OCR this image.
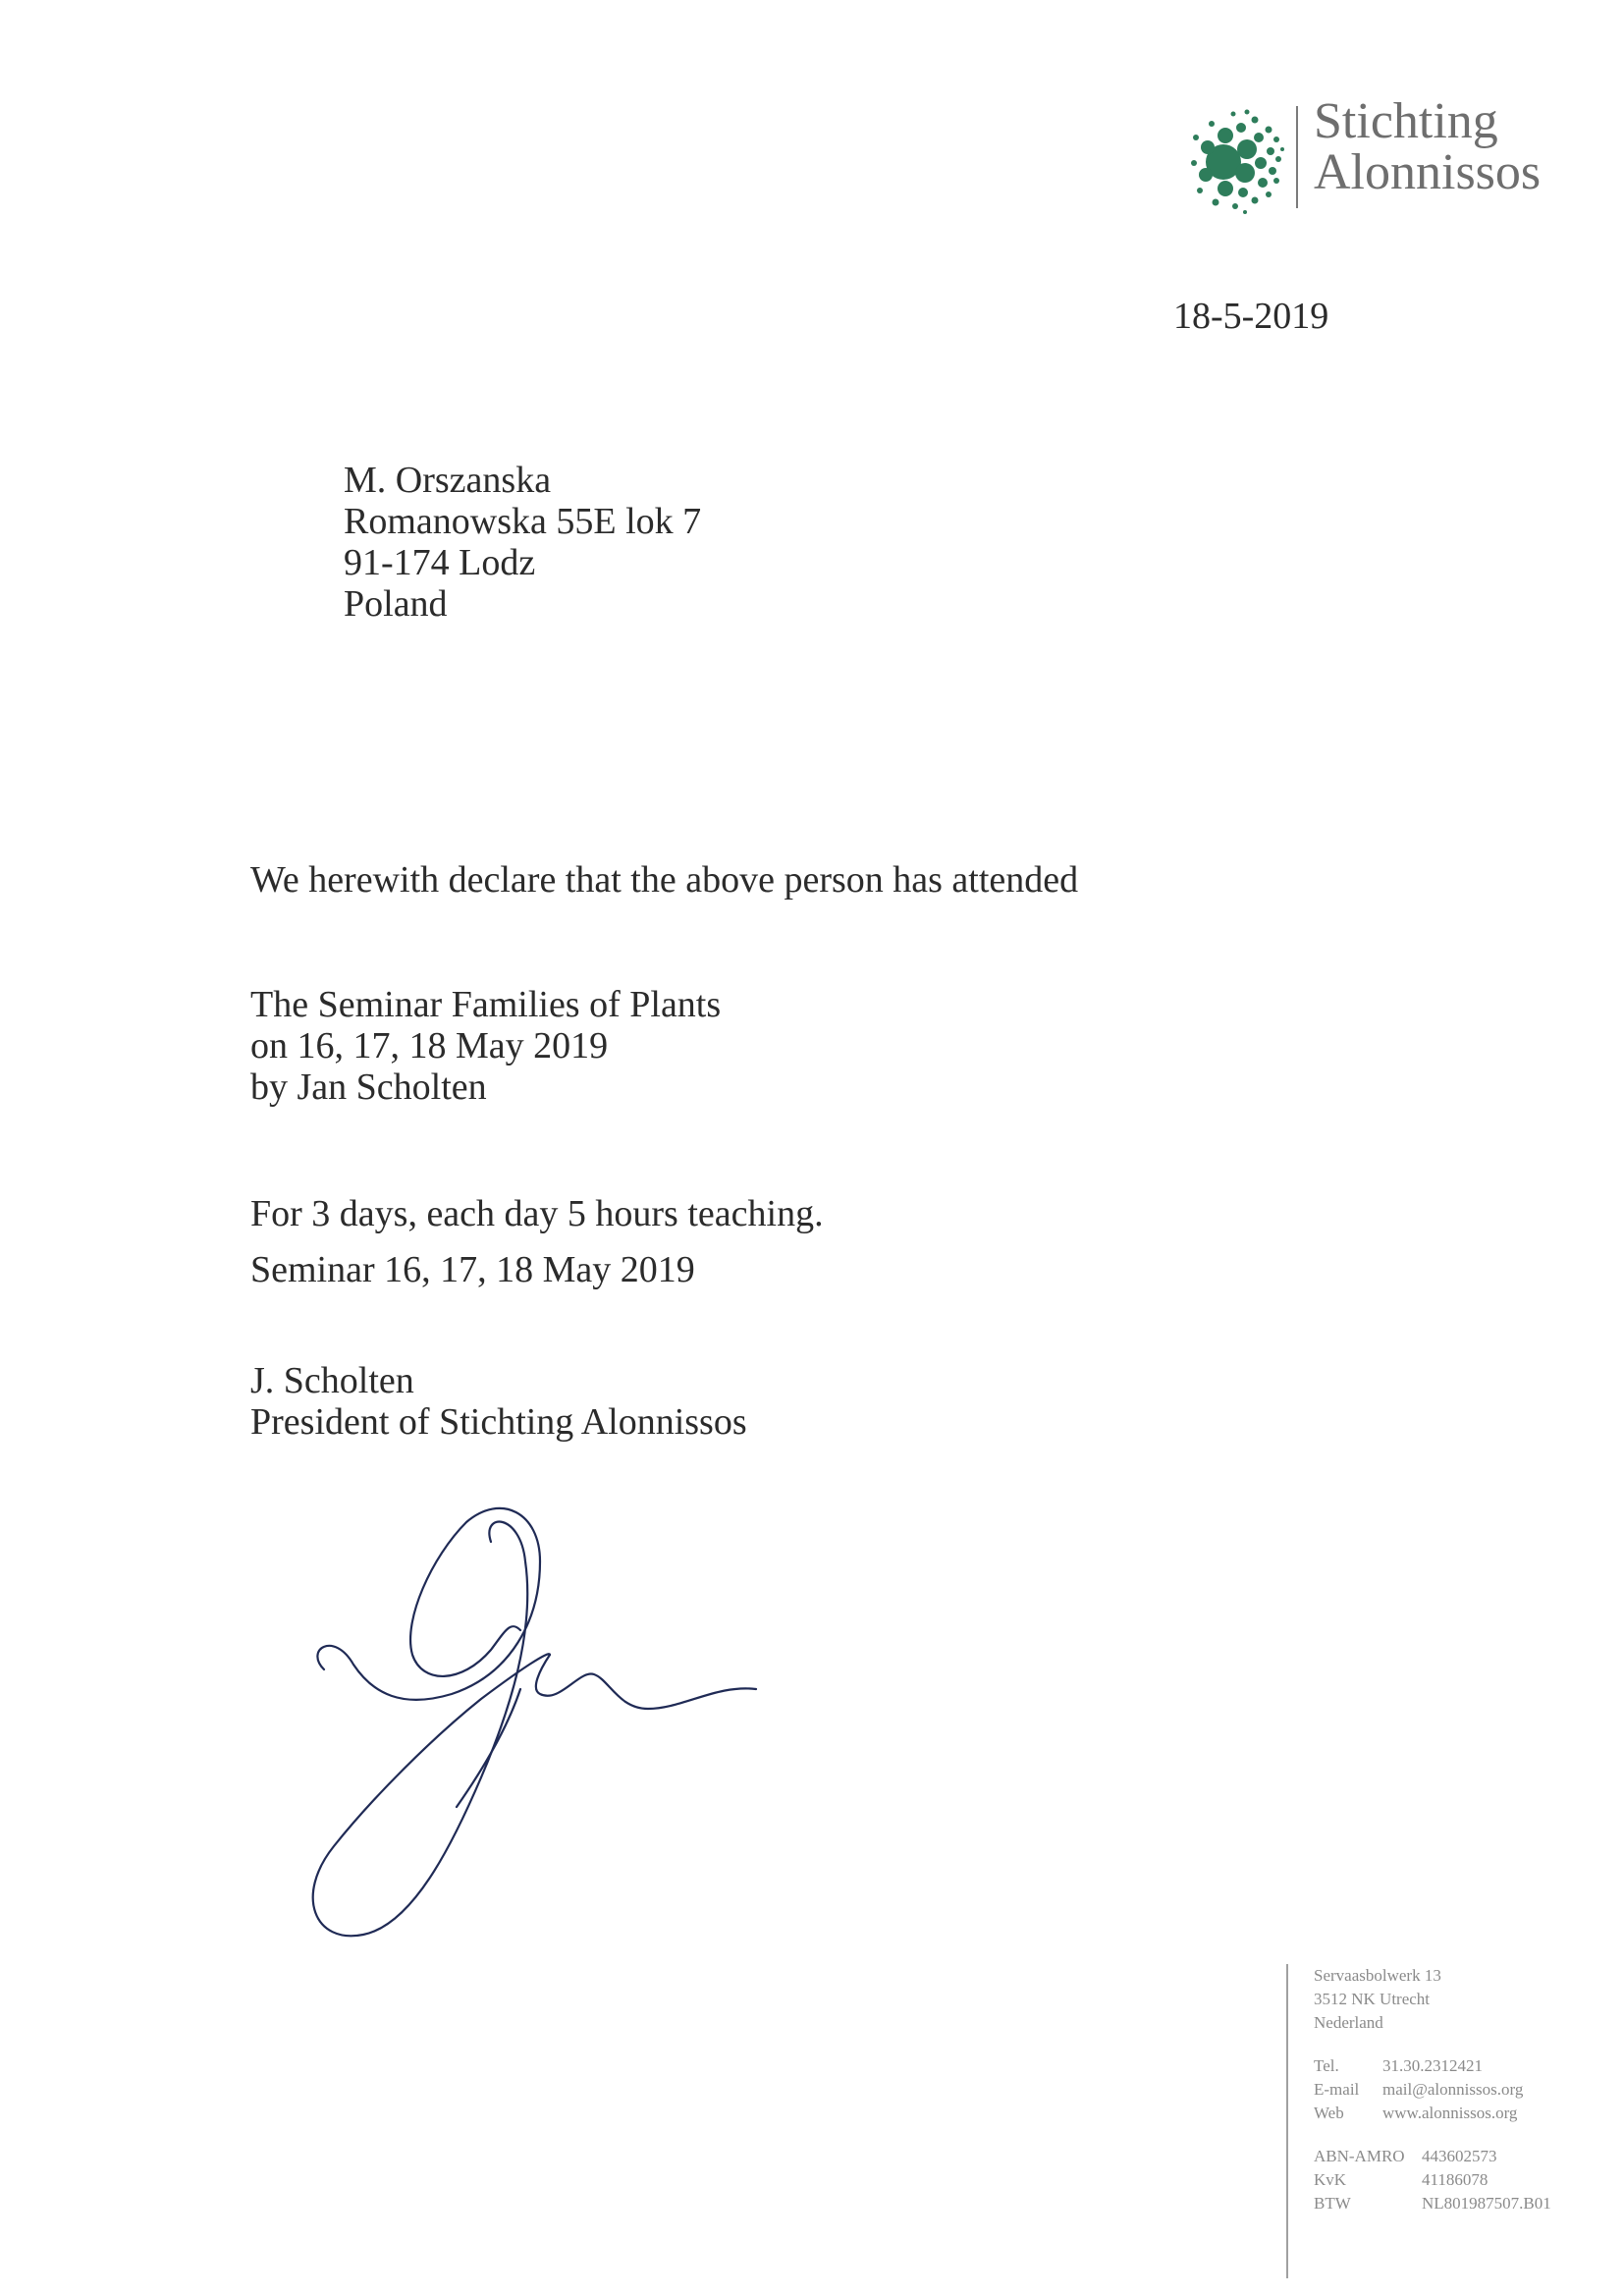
Stichting
Alonnissos
18-5-2019
M. Orszanska
Romanowska 55E lok 7
91-174 Lodz
Poland
We herewith declare that the above person has attended
The Seminar Families of Plants
on 16, 17, 18 May 2019
by Jan Scholten
For 3 days, each day 5 hours teaching.
Seminar 16, 17, 18 May 2019
J. Scholten
President of Stichting Alonnissos
Servaasbolwerk 13
3512 NK Utrecht
Nederland
Tel.	31.30.2312421
E-mail mail@alonnissos.org
Web www.alonnissos.org
ABN-AMRO 443602573
KvK	41186078
BTW	NL801987507.B01
